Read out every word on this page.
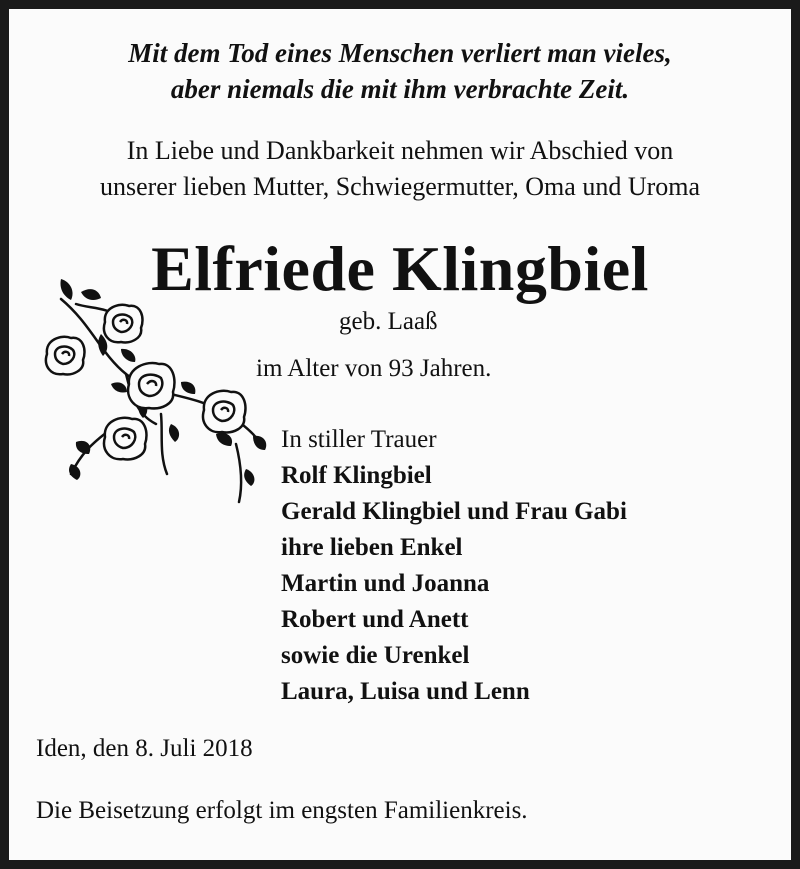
Mit dem Tod eines Menschen verliert man vieles,
aber niemals die mit ihm verbrachte Zeit.
In Liebe und Dankbarkeit nehmen wir Abschied von
unserer lieben Mutter, Schwiegermutter, Oma und Uroma
Elfriede Klingbiel
geb. Laaß
im Alter von 93 Jahren.
In stiller Trauer
Rolf Klingbiel
Gerald Klingbiel und Frau Gabi
ihre lieben Enkel
Martin und Joanna
Robert und Anett
sowie die Urenkel
Laura, Luisa und Lenn
Iden, den 8. Juli 2018
Die Beisetzung erfolgt im engsten Familienkreis.
